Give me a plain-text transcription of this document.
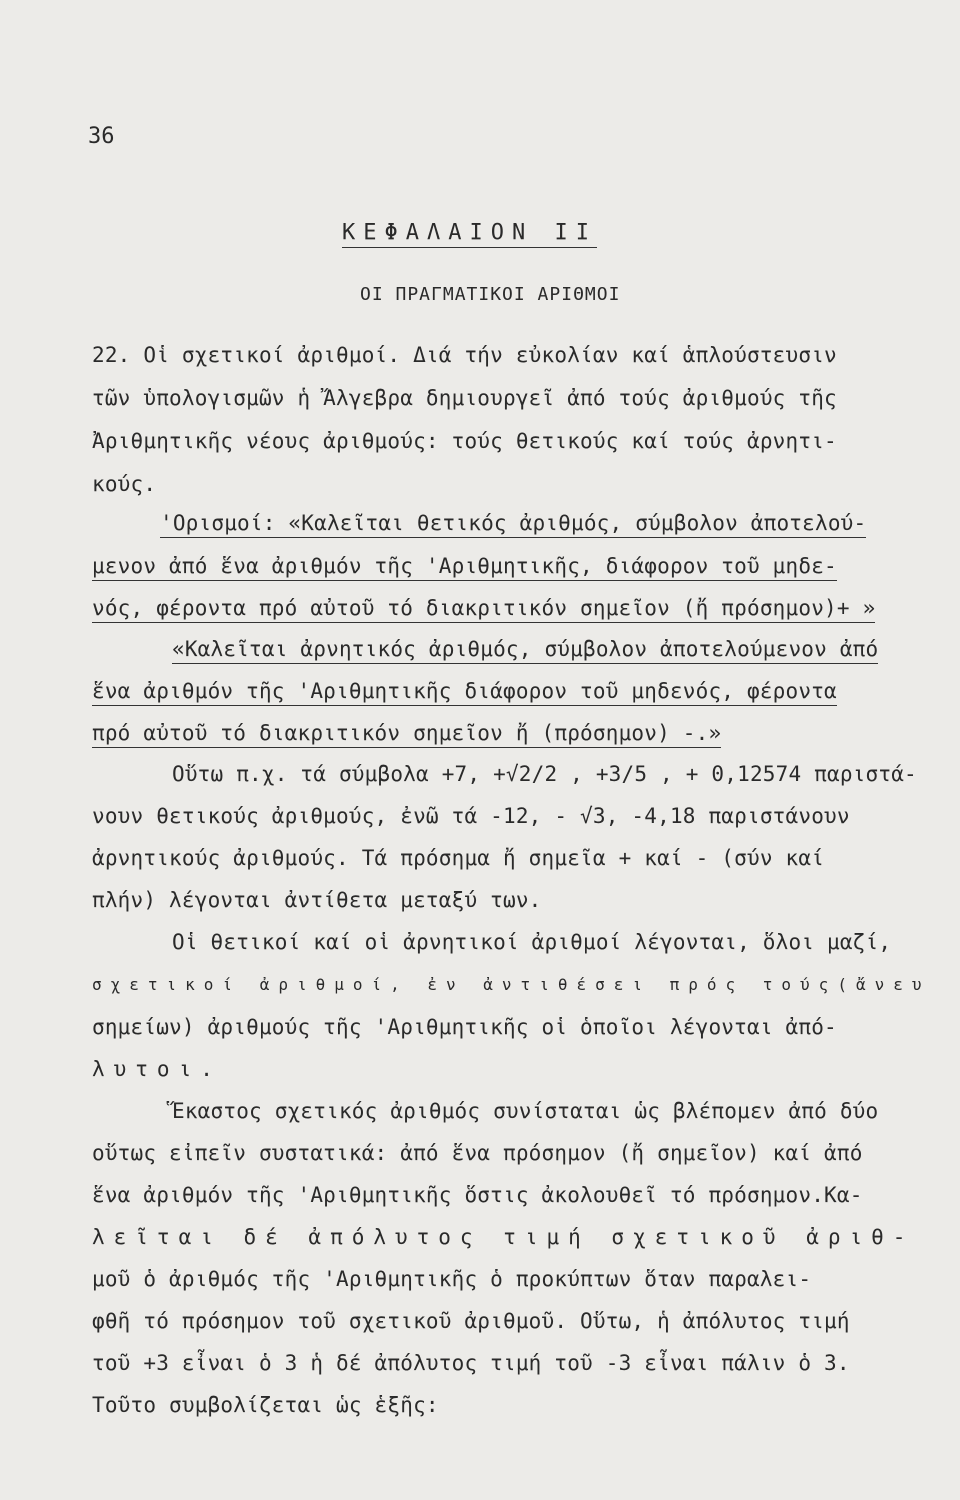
36
ΚΕΦΑΛΑΙΟΝ ΙΙ
ΟΙ ΠΡΑΓΜΑΤΙΚΟΙ ΑΡΙΘΜΟΙ
22. Οἱ σχετικοί ἀριθμοί. Διά τήν εὐκολίαν καί ἁπλούστευσιν
τῶν ὑπολογισμῶν ἡ Ἄλγεβρα δημιουργεῖ ἀπό τούς ἀριθμούς τῆς
Ἀριθμητικῆς νέους ἀριθμούς: τούς θετικούς καί τούς ἀρνητι-
κούς.
'Ορισμοί: «Καλεῖται θετικός ἀριθμός, σύμβολον ἀποτελού-
μενον ἀπό ἕνα ἀριθμόν τῆς 'Αριθμητικῆς, διάφορον τοῦ μηδε-
νός, φέροντα πρό αὐτοῦ τό διακριτικόν σημεῖον (ἤ πρόσημον)+ »
«Καλεῖται ἀρνητικός ἀριθμός, σύμβολον ἀποτελούμενον ἀπό
ἕνα ἀριθμόν τῆς 'Αριθμητικῆς διάφορον τοῦ μηδενός, φέροντα
πρό αὐτοῦ τό διακριτικόν σημεῖον ἤ (πρόσημον) -.»
Οὕτω π.χ. τά σύμβολα +7, +√2/2 , +3/5 , + 0,12574 παριστά-
νουν θετικούς ἀριθμούς, ἐνῶ τά -12, - √3, -4,18 παριστάνουν
ἀρνητικούς ἀριθμούς. Τά πρόσημα ἤ σημεῖα + καί - (σύν καί
πλήν) λέγονται ἀντίθετα μεταξύ των.
Οἱ θετικοί καί οἱ ἀρνητικοί ἀριθμοί λέγονται, ὅλοι μαζί,
σχετικοί ἀριθμοί, ἐν ἀντιθέσει πρός τούς(ἄνευ
σημείων) ἀριθμούς τῆς 'Αριθμητικῆς οἱ ὁποῖοι λέγονται ἀπό-
λυτοι.
Ἕκαστος σχετικός ἀριθμός συνίσταται ὡς βλέπομεν ἀπό δύο
οὕτως εἰπεῖν συστατικά: ἀπό ἕνα πρόσημον (ἤ σημεῖον) καί ἀπό
ἕνα ἀριθμόν τῆς 'Αριθμητικῆς ὅστις ἀκολουθεῖ τό πρόσημον.Κα-
λεῖται δέ ἀπόλυτος τιμή σχετικοῦ ἀριθ-
μοῦ ὁ ἀριθμός τῆς 'Αριθμητικῆς ὁ προκύπτων ὅταν παραλει-
φθῆ τό πρόσημον τοῦ σχετικοῦ ἀριθμοῦ. Οὕτω, ἡ ἀπόλυτος τιμή
τοῦ +3 εἶναι ὁ 3 ἡ δέ ἀπόλυτος τιμή τοῦ -3 εἶναι πάλιν ὁ 3.
Τοῦτο συμβολίζεται ὡς ἑξῆς:
